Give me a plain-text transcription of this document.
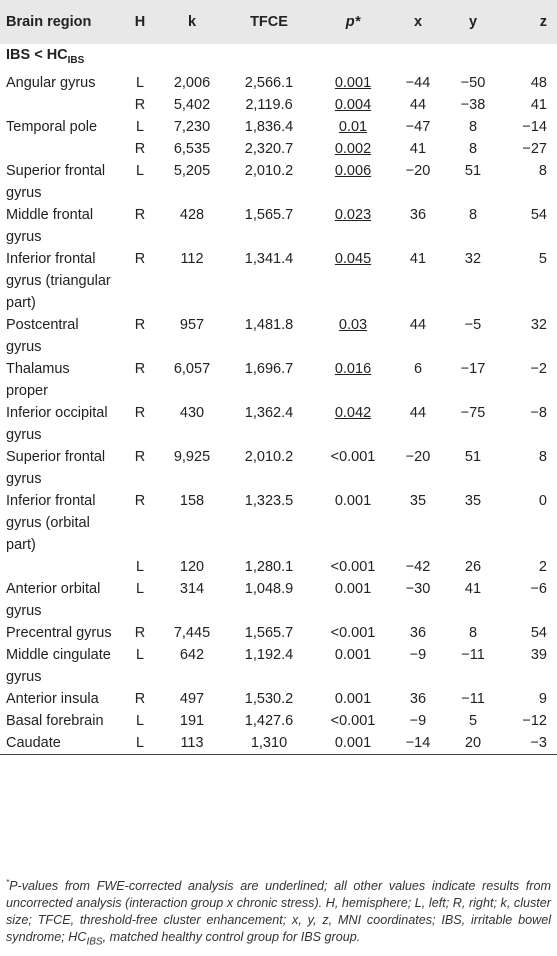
Brain region	H	k	TFCE	p*	x	y	z
IBS < $HC_{IBS}$
Angular gyrus	L	2,006	2,566.1	0.001	−44	−50	48
	R	5,402	2,119.6	0.004	44	−38	41
Temporal pole	L	7,230	1,836.4	0.01	−47	8	−14
	R	6,535	2,320.7	0.002	41	8	−27
Superior frontal gyrus	L	5,205	2,010.2	0.006	−20	51	8
Middle frontal gyrus	R	428	1,565.7	0.023	36	8	54
Inferior frontal gyrus (triangular part)	R	112	1,341.4	0.045	41	32	5
Postcentral gyrus	R	957	1,481.8	0.03	44	−5	32
Thalamus proper	R	6,057	1,696.7	0.016	6	−17	−2
Inferior occipital gyrus	R	430	1,362.4	0.042	44	−75	−8
Superior frontal gyrus	R	9,925	2,010.2	<0.001	−20	51	8
Inferior frontal gyrus (orbital part)	R	158	1,323.5	0.001	35	35	0
	L	120	1,280.1	<0.001	−42	26	2
Anterior orbital gyrus	L	314	1,048.9	0.001	−30	41	−6
Precentral gyrus	R	7,445	1,565.7	<0.001	36	8	54
Middle cingulate gyrus	L	642	1,192.4	0.001	−9	−11	39
Anterior insula	R	497	1,530.2	0.001	36	−11	9
Basal forebrain	L	191	1,427.6	<0.001	−9	5	−12
Caudate	L	113	1,310	0.001	−14	20	−3
*P-values from FWE-corrected analysis are underlined; all other values indicate results from uncorrected analysis (interaction group x chronic stress). H, hemisphere; L, left; R, right; k, cluster size; TFCE, threshold-free cluster enhancement; x, y, z, MNI coordinates; IBS, irritable bowel syndrome; $HC_{IBS}$, matched healthy control group for IBS group.
